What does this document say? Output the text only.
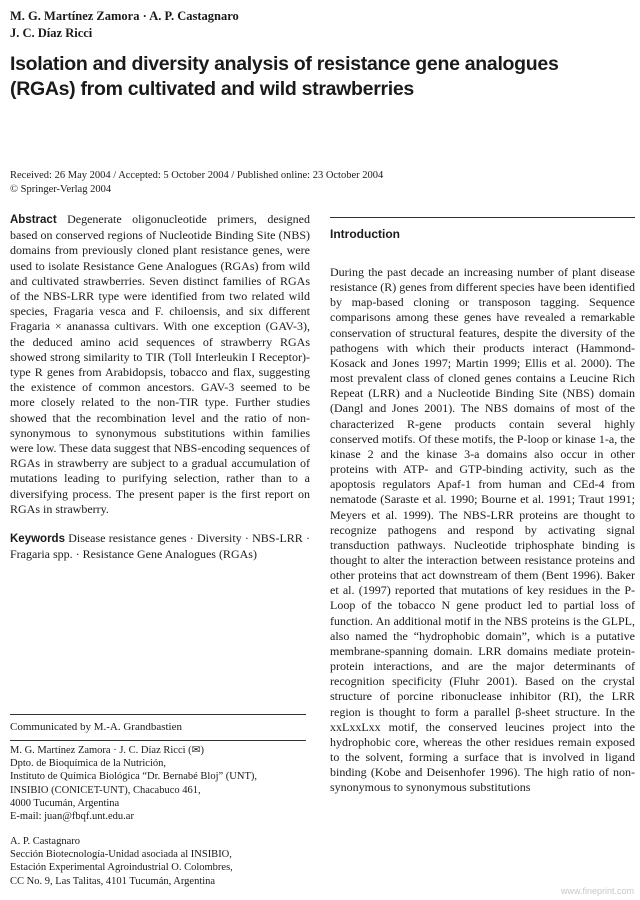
M. G. Martínez Zamora · A. P. Castagnaro
J. C. Díaz Ricci
Isolation and diversity analysis of resistance gene analogues (RGAs) from cultivated and wild strawberries
Received: 26 May 2004 / Accepted: 5 October 2004 / Published online: 23 October 2004
© Springer-Verlag 2004

Abstract Degenerate oligonucleotide primers, designed based on conserved regions of Nucleotide Binding Site (NBS) domains from previously cloned plant resistance genes, were used to isolate Resistance Gene Analogues (RGAs) from wild and cultivated strawberries. Seven distinct families of RGAs of the NBS-LRR type were identified from two related wild species, Fragaria vesca and F. chiloensis, and six different Fragaria × ananassa cultivars. With one exception (GAV-3), the deduced amino acid sequences of strawberry RGAs showed strong similarity to TIR (Toll Interleukin I Receptor)-type R genes from Arabidopsis, tobacco and flax, suggesting the existence of common ancestors. GAV-3 seemed to be more closely related to the non-TIR type. Further studies showed that the recombination level and the ratio of non-synonymous to synonymous substitutions within families were low. These data suggest that NBS-encoding sequences of RGAs in strawberry are subject to a gradual accumulation of mutations leading to purifying selection, rather than to a diversifying process. The present paper is the first report on RGAs in strawberry.

Keywords Disease resistance genes · Diversity · NBS-LRR · Fragaria spp. · Resistance Gene Analogues (RGAs)

Communicated by M.-A. Grandbastien
M. G. Martínez Zamora · J. C. Díaz Ricci (✉)
Dpto. de Bioquímica de la Nutrición,
Instituto de Química Biológica “Dr. Bernabé Bloj” (UNT),
INSIBIO (CONICET-UNT), Chacabuco 461,
4000 Tucumán, Argentina
E-mail: juan@fbqf.unt.edu.ar
A. P. Castagnaro
Sección Biotecnología-Unidad asociada al INSIBIO,
Estación Experimental Agroindustrial O. Colombres,
CC No. 9, Las Talitas, 4101 Tucumán, Argentina
Introduction
During the past decade an increasing number of plant disease resistance (R) genes from different species have been identified by map-based cloning or transposon tagging. Sequence comparisons among these genes have revealed a remarkable conservation of structural features, despite the diversity of the pathogens with which their products interact (Hammond-Kosack and Jones 1997; Martin 1999; Ellis et al. 2000). The most prevalent class of cloned genes contains a Leucine Rich Repeat (LRR) and a Nucleotide Binding Site (NBS) domain (Dangl and Jones 2001). The NBS domains of most of the characterized R-gene products contain several highly conserved motifs. Of these motifs, the P-loop or kinase 1-a, the kinase 2 and the kinase 3-a domains also occur in other proteins with ATP- and GTP-binding activity, such as the apoptosis regulators Apaf-1 from human and CEd-4 from nematode (Saraste et al. 1990; Bourne et al. 1991; Traut 1991; Meyers et al. 1999). The NBS-LRR proteins are thought to recognize pathogens and respond by activating signal transduction pathways. Nucleotide triphosphate binding is thought to alter the interaction between resistance proteins and other proteins that act downstream of them (Bent 1996). Baker et al. (1997) reported that mutations of key residues in the P-Loop of the tobacco N gene product led to partial loss of function. An additional motif in the NBS proteins is the GLPL, also named the “hydrophobic domain”, which is a putative membrane-spanning domain. LRR domains mediate protein-protein interactions, and are the major determinants of recognition specificity (Fluhr 2001). Based on the crystal structure of porcine ribonuclease inhibitor (RI), the LRR region is thought to form a parallel β-sheet structure. In the xxLxxLxx motif, the conserved leucines project into the hydrophobic core, whereas the other residues remain exposed to the solvent, forming a surface that is involved in ligand binding (Kobe and Deisenhofer 1996). The high ratio of non-synonymous to synonymous substitutions
www.fineprint.com
